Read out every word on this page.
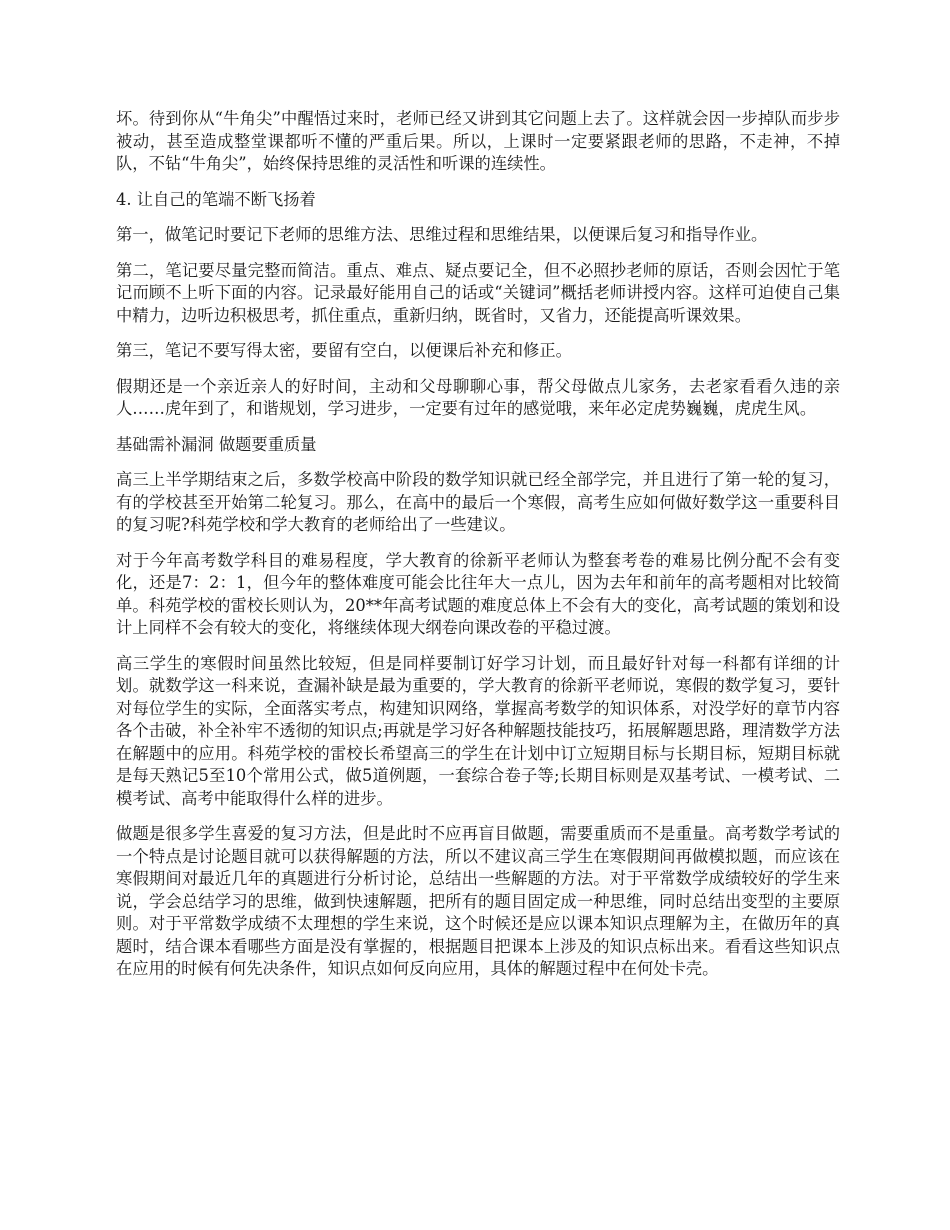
坏。待到你从“牛角尖”中醒悟过来时，老师已经又讲到其它问题上去了。这样就会因一步掉队而步步被动，甚至造成整堂课都听不懂的严重后果。所以，上课时一定要紧跟老师的思路，不走神，不掉队，不钻“牛角尖”，始终保持思维的灵活性和听课的连续性。

4. 让自己的笔端不断飞扬着

第一，做笔记时要记下老师的思维方法、思维过程和思维结果，以便课后复习和指导作业。

第二，笔记要尽量完整而简洁。重点、难点、疑点要记全，但不必照抄老师的原话，否则会因忙于笔记而顾不上听下面的内容。记录最好能用自己的话或“关键词”概括老师讲授内容。这样可迫使自己集中精力，边听边积极思考，抓住重点，重新归纳，既省时，又省力，还能提高听课效果。

第三，笔记不要写得太密，要留有空白，以便课后补充和修正。

假期还是一个亲近亲人的好时间，主动和父母聊聊心事，帮父母做点儿家务，去老家看看久违的亲人……虎年到了，和谐规划，学习进步，一定要有过年的感觉哦，来年必定虎势巍巍，虎虎生风。

基础需补漏洞 做题要重质量

高三上半学期结束之后，多数学校高中阶段的数学知识就已经全部学完，并且进行了第一轮的复习，有的学校甚至开始第二轮复习。那么，在高中的最后一个寒假，高考生应如何做好数学这一重要科目的复习呢?科苑学校和学大教育的老师给出了一些建议。

对于今年高考数学科目的难易程度，学大教育的徐新平老师认为整套考卷的难易比例分配不会有变化，还是7：2：1，但今年的整体难度可能会比往年大一点儿，因为去年和前年的高考题相对比较简单。科苑学校的雷校长则认为，20**年高考试题的难度总体上不会有大的变化，高考试题的策划和设计上同样不会有较大的变化，将继续体现大纲卷向课改卷的平稳过渡。

高三学生的寒假时间虽然比较短，但是同样要制订好学习计划，而且最好针对每一科都有详细的计划。就数学这一科来说，查漏补缺是最为重要的，学大教育的徐新平老师说，寒假的数学复习，要针对每位学生的实际，全面落实考点，构建知识网络，掌握高考数学的知识体系，对没学好的章节内容各个击破，补全补牢不透彻的知识点;再就是学习好各种解题技能技巧，拓展解题思路，理清数学方法在解题中的应用。科苑学校的雷校长希望高三的学生在计划中订立短期目标与长期目标，短期目标就是每天熟记5至10个常用公式，做5道例题，一套综合卷子等;长期目标则是双基考试、一模考试、二模考试、高考中能取得什么样的进步。

做题是很多学生喜爱的复习方法，但是此时不应再盲目做题，需要重质而不是重量。高考数学考试的一个特点是讨论题目就可以获得解题的方法，所以不建议高三学生在寒假期间再做模拟题，而应该在寒假期间对最近几年的真题进行分析讨论，总结出一些解题的方法。对于平常数学成绩较好的学生来说，学会总结学习的思维，做到快速解题，把所有的题目固定成一种思维，同时总结出变型的主要原则。对于平常数学成绩不太理想的学生来说，这个时候还是应以课本知识点理解为主，在做历年的真题时，结合课本看哪些方面是没有掌握的，根据题目把课本上涉及的知识点标出来。看看这些知识点在应用的时候有何先决条件，知识点如何反向应用，具体的解题过程中在何处卡壳。
